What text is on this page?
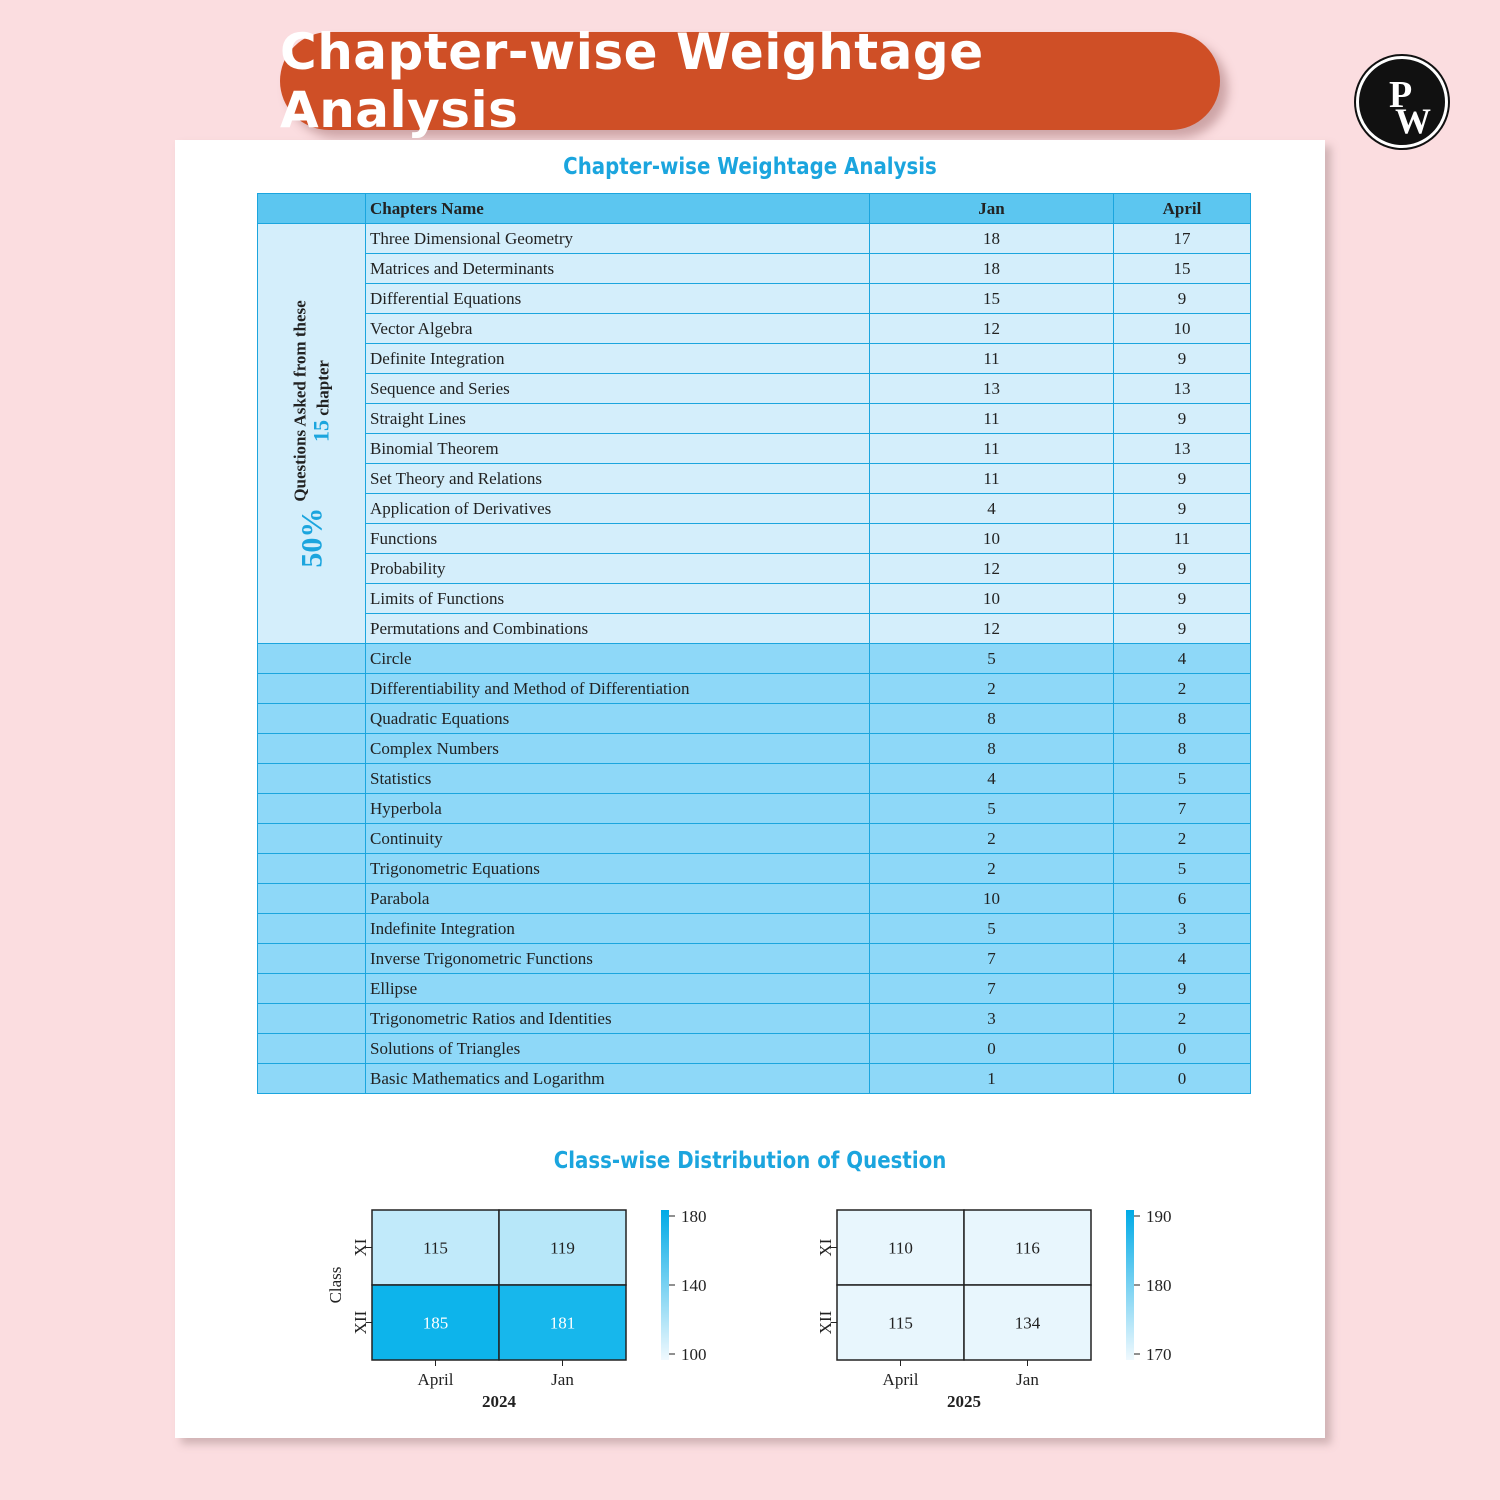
Chapter-wise Weightage Analysis	P
W
Chapter-wise Weightage Analysis
	Chapters Name	Jan	April

50%Questions Asked from these
15 chapter	Three Dimensional Geometry	18	17
	Matrices and Determinants	18	15
	Differential Equations	15	9
	Vector Algebra	12	10
	Definite Integration	11	9
	Sequence and Series	13	13
	Straight Lines	11	9
	Binomial Theorem	11	13
	Set Theory and Relations	11	9
	Application of Derivatives	4	9
	Functions	10	11
	Probability	12	9
	Limits of Functions	10	9
	Permutations and Combinations	12	9
	Circle	5	4
	Differentiability and Method of Differentiation	2	2
	Quadratic Equations	8	8
	Complex Numbers	8	8
	Statistics	4	5
	Hyperbola	5	7
	Continuity	2	2
	Trigonometric Equations	2	5
	Parabola	10	6
	Indefinite Integration	5	3
	Inverse Trigonometric Functions	7	4
	Ellipse	7	9
	Trigonometric Ratios and Identities	3	2
	Solutions of Triangles	0	0
	Basic Mathematics and Logarithm	1	0
Class-wise Distribution of Question
Class
XI	115	119
XII	185	181
April	Jan
2024
100
140
180
XI	110	116
XII	115	134
April	Jan
2025
170
180
190
